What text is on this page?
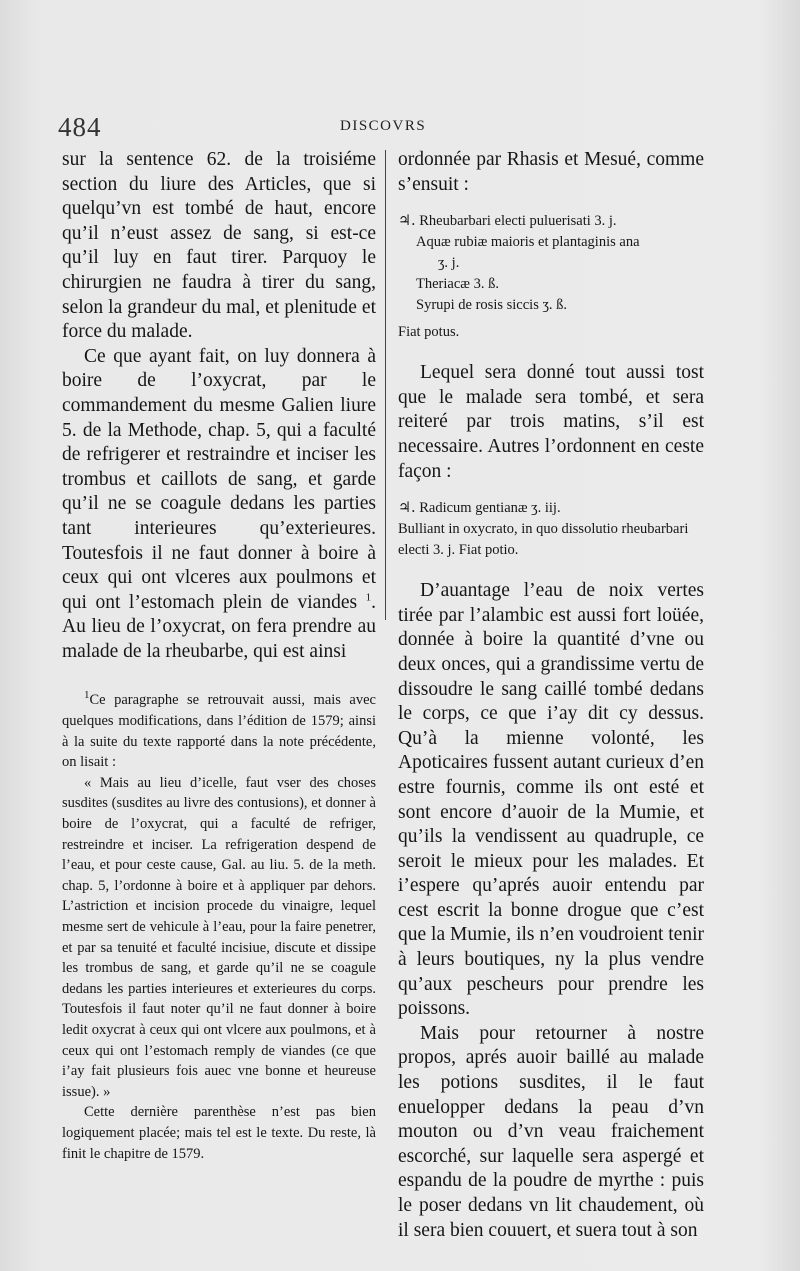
484	DISCOVRS

sur la sentence 62. de la troisiéme section du liure des Articles, que si quelqu’vn est tombé de haut, encore qu’il n’eust assez de sang, si est-ce qu’il luy en faut tirer. Parquoy le chirurgien ne faudra à tirer du sang, selon la grandeur du mal, et plenitude et force du malade.

Ce que ayant fait, on luy donnera à boire de l’oxycrat, par le commandement du mesme Galien liure 5. de la Methode, chap. 5, qui a faculté de refrigerer et restraindre et inciser les trombus et caillots de sang, et garde qu’il ne se coagule dedans les parties tant interieures qu’exterieures. Toutesfois il ne faut donner à boire à ceux qui ont vlceres aux poulmons et qui ont l’estomach plein de viandes $^1$. Au lieu de l’oxycrat, on fera prendre au malade de la rheubarbe, qui est ainsi

$^1$Ce paragraphe se retrouvait aussi, mais avec quelques modifications, dans l’édition de 1579; ainsi à la suite du texte rapporté dans la note précédente, on lisait :

« Mais au lieu d’icelle, faut vser des choses susdites (susdites au livre des contusions), et donner à boire de l’oxycrat, qui a faculté de refriger, restreindre et inciser. La refrigeration despend de l’eau, et pour ceste cause, Gal. au liu. 5. de la meth. chap. 5, l’ordonne à boire et à appliquer par dehors. L’astriction et incision procede du vinaigre, lequel mesme sert de vehicule à l’eau, pour la faire penetrer, et par sa tenuité et faculté incisiue, discute et dissipe les trombus de sang, et garde qu’il ne se coagule dedans les parties interieures et exterieures du corps. Toutesfois il faut noter qu’il ne faut donner à boire ledit oxycrat à ceux qui ont vlcere aux poulmons, et à ceux qui ont l’estomach remply de viandes (ce que i’ay fait plusieurs fois auec vne bonne et heureuse issue). »

Cette dernière parenthèse n’est pas bien logiquement placée; mais tel est le texte. Du reste, là finit le chapitre de 1579.

ordonnée par Rhasis et Mesué, comme s’ensuit :

♃. Rheubarbari electi puluerisati 3. j.
Aquæ rubiæ maioris et plantaginis ana
ʒ. j.
Theriacæ 3. ß.
Syrupi de rosis siccis ʒ. ß.
Fiat potus.

Lequel sera donné tout aussi tost que le malade sera tombé, et sera reiteré par trois matins, s’il est necessaire. Autres l’ordonnent en ceste façon :

♃. Radicum gentianæ ʒ. iij.
Bulliant in oxycrato, in quo dissolutio rheubarbari electi 3. j. Fiat potio.

D’auantage l’eau de noix vertes tirée par l’alambic est aussi fort loüée, donnée à boire la quantité d’vne ou deux onces, qui a grandissime vertu de dissoudre le sang caillé tombé dedans le corps, ce que i’ay dit cy dessus. Qu’à la mienne volonté, les Apoticaires fussent autant curieux d’en estre fournis, comme ils ont esté et sont encore d’auoir de la Mumie, et qu’ils la vendissent au quadruple, ce seroit le mieux pour les malades. Et i’espere qu’aprés auoir entendu par cest escrit la bonne drogue que c’est que la Mumie, ils n’en voudroient tenir à leurs boutiques, ny la plus vendre qu’aux pescheurs pour prendre les poissons.

Mais pour retourner à nostre propos, aprés auoir baillé au malade les potions susdites, il le faut enuelopper dedans la peau d’vn mouton ou d’vn veau fraichement escorché, sur laquelle sera aspergé et espandu de la poudre de myrthe : puis le poser dedans vn lit chaudement, où il sera bien couuert, et suera tout à son
